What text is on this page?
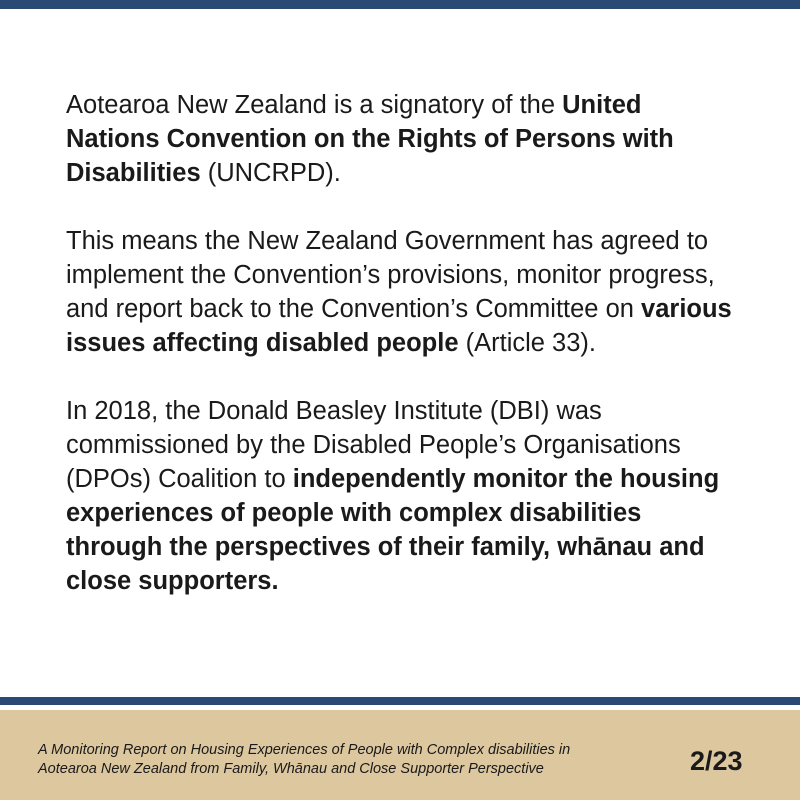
Aotearoa New Zealand is a signatory of the United Nations Convention on the Rights of Persons with Disabilities (UNCRPD).

This means the New Zealand Government has agreed to implement the Convention’s provisions, monitor progress, and report back to the Convention’s Committee on various issues affecting disabled people (Article 33).

In 2018, the Donald Beasley Institute (DBI) was commissioned by the Disabled People’s Organisations (DPOs) Coalition to independently monitor the housing experiences of people with complex disabilities through the perspectives of their family, whānau and close supporters.

A Monitoring Report on Housing Experiences of People with Complex disabilities in
Aotearoa New Zealand from Family, Whānau and Close Supporter Perspective	2/23
